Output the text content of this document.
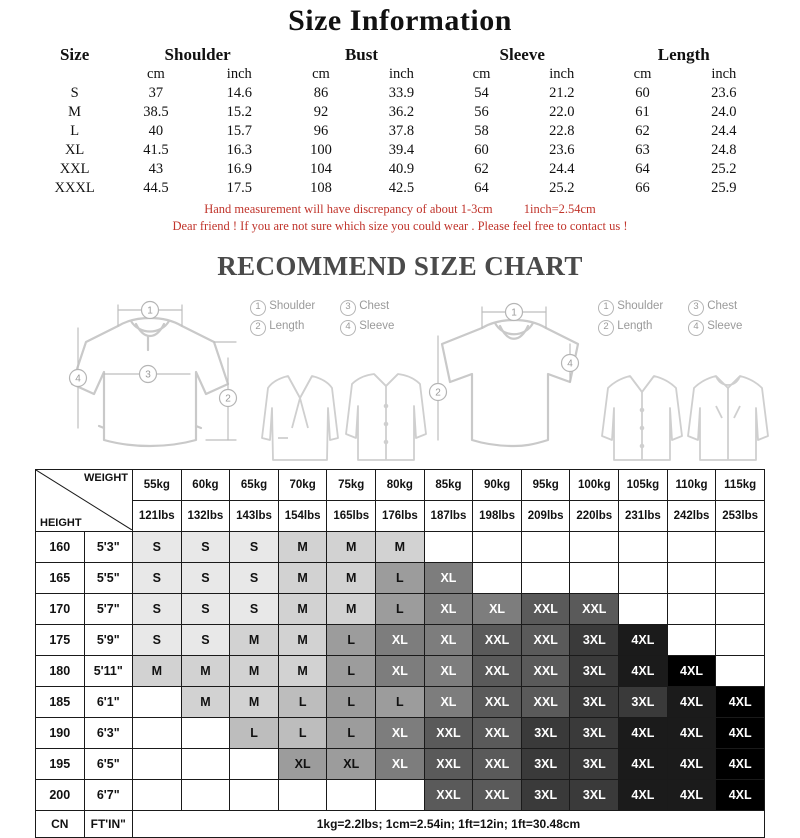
Size Information
Size	Shoulder		Bust		Sleeve		Length	
	cm	inch	cm	inch	cm	inch	cm	inch
S	37	14.6	86	33.9	54	21.2	60	23.6
M	38.5	15.2	92	36.2	56	22.0	61	24.0
L	40	15.7	96	37.8	58	22.8	62	24.4
XL	41.5	16.3	100	39.4	60	23.6	63	24.8
XXL	43	16.9	104	40.9	62	24.4	64	25.2
XXXL	44.5	17.5	108	42.5	64	25.2	66	25.9
Hand measurement will have discrepancy of about 1-3cm 1inch=2.54cm
Dear friend ! If you are not sure which size you could wear . Please feel free to contact us !
RECOMMEND SIZE CHART
1
2
3
4
1
2
4
1 Shoulder	3 Chest
2 Length	4 Sleeve
1 Shoulder	3 Chest
2 Length	4 Sleeve
WEIGHT
HEIGHT		55kg	60kg	65kg	70kg	75kg	80kg	85kg	90kg	95kg	100kg	105kg	110kg	115kg
		121lbs	132lbs	143lbs	154lbs	165lbs	176lbs	187lbs	198lbs	209lbs	220lbs	231lbs	242lbs	253lbs
160	5'3"	S	S	S	M	M	M							
165	5'5"	S	S	S	M	M	L	XL						
170	5'7"	S	S	S	M	M	L	XL	XL	XXL	XXL			
175	5'9"	S	S	M	M	L	XL	XL	XXL	XXL	3XL	4XL		
180	5'11"	M	M	M	M	L	XL	XL	XXL	XXL	3XL	4XL	4XL	
185	6'1"		M	M	L	L	L	XL	XXL	XXL	3XL	3XL	4XL	4XL
190	6'3"			L	L	L	XL	XXL	XXL	3XL	3XL	4XL	4XL	4XL
195	6'5"				XL	XL	XL	XXL	XXL	3XL	3XL	4XL	4XL	4XL
200	6'7"							XXL	XXL	3XL	3XL	4XL	4XL	4XL
CN	FT'IN"	1kg=2.2lbs; 1cm=2.54in; 1ft=12in; 1ft=30.48cm												
